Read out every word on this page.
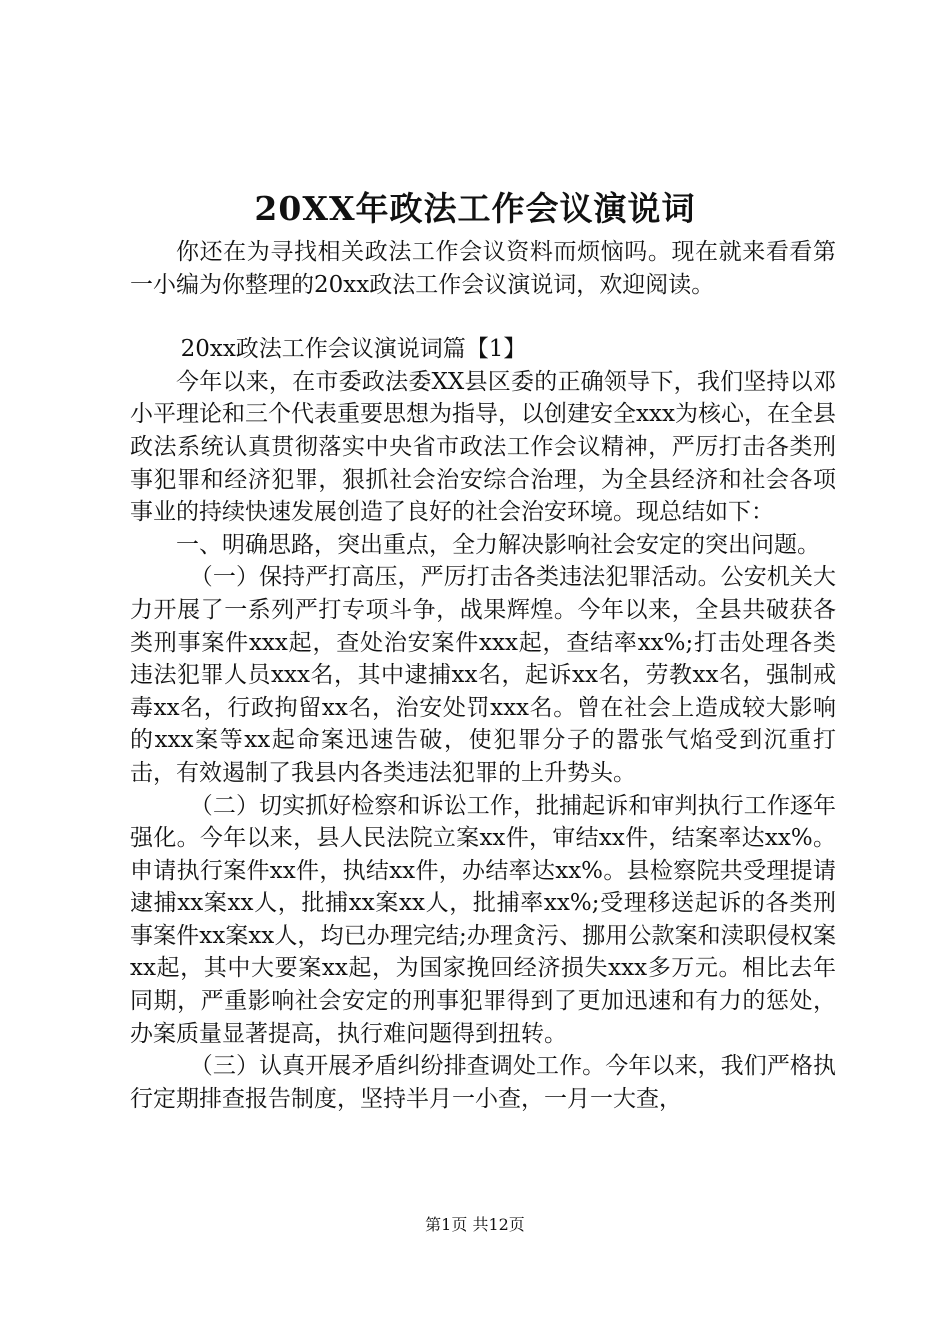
20XX年政法工作会议演说词

你还在为寻找相关政法工作会议资料而烦恼吗。现在就来看看第一小编为你整理的20xx政法工作会议演说词，欢迎阅读。

20xx政法工作会议演说词篇【1】

今年以来，在市委政法委XX县区委的正确领导下，我们坚持以邓小平理论和三个代表重要思想为指导，以创建安全xxx为核心，在全县政法系统认真贯彻落实中央省市政法工作会议精神，严厉打击各类刑事犯罪和经济犯罪，狠抓社会治安综合治理，为全县经济和社会各项事业的持续快速发展创造了良好的社会治安环境。现总结如下：

一、明确思路，突出重点，全力解决影响社会安定的突出问题。

（一）保持严打高压，严厉打击各类违法犯罪活动。公安机关大力开展了一系列严打专项斗争，战果辉煌。今年以来，全县共破获各类刑事案件xxx起，查处治安案件xxx起，查结率xx%;打击处理各类违法犯罪人员xxx名，其中逮捕xx名，起诉xx名，劳教xx名，强制戒毒xx名，行政拘留xx名，治安处罚xxx名。曾在社会上造成较大影响的xxx案等xx起命案迅速告破，使犯罪分子的嚣张气焰受到沉重打击，有效遏制了我县内各类违法犯罪的上升势头。

（二）切实抓好检察和诉讼工作，批捕起诉和审判执行工作逐年强化。今年以来，县人民法院立案xx件，审结xx件，结案率达xx%。申请执行案件xx件，执结xx件，办结率达xx%。县检察院共受理提请逮捕xx案xx人，批捕xx案xx人，批捕率xx%;受理移送起诉的各类刑事案件xx案xx人，均已办理完结;办理贪污、挪用公款案和渎职侵权案xx起，其中大要案xx起，为国家挽回经济损失xxx多万元。相比去年同期，严重影响社会安定的刑事犯罪得到了更加迅速和有力的惩处，办案质量显著提高，执行难问题得到扭转。

（三）认真开展矛盾纠纷排查调处工作。今年以来，我们严格执行定期排查报告制度，坚持半月一小查，一月一大查，

第1页 共12页
